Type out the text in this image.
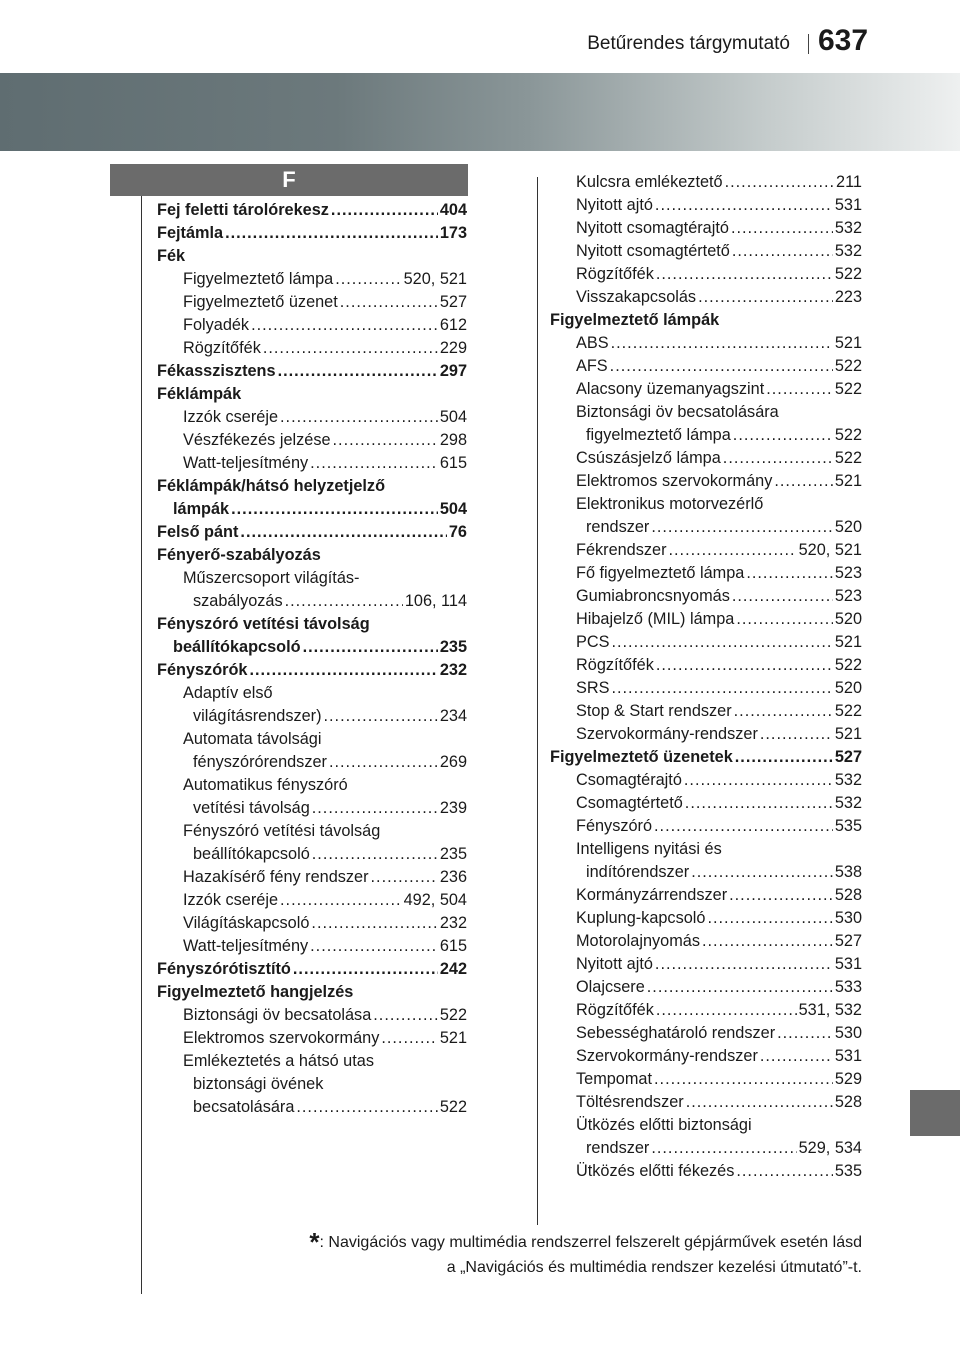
Betűrendes tárgymutató 637
F
Fej feletti tárolórekesz .....	404
Fejtámla .....	173
Fék
Figyelmeztető lámpa .....	520, 521
Figyelmeztető üzenet .....	527
Folyadék .....	612
Rögzítőfék .....	229
Fékasszisztens .....	297
Féklámpák
Izzók cseréje .....	504
Vészfékezés jelzése .....	298
Watt-teljesítmény .....	615
Féklámpák/hátsó helyzetjelző
lámpák .....	504
Felső pánt .....	76
Fényerő-szabályozás
Műszercsoport világítás-
szabályozás .....	106, 114
Fényszóró vetítési távolság
beállítókapcsoló .....	235
Fényszórók .....	232
Adaptív első
világításrendszer) .....	234
Automata távolsági
fényszórórendszer .....	269
Automatikus fényszóró
vetítési távolság .....	239
Fényszóró vetítési távolság
beállítókapcsoló .....	235
Hazakísérő fény rendszer .....	236
Izzók cseréje .....	492, 504
Világításkapcsoló .....	232
Watt-teljesítmény .....	615
Fényszórótisztító .....	242
Figyelmeztető hangjelzés
Biztonsági öv becsatolása .....	522
Elektromos szervokormány .....	521
Emlékeztetés a hátsó utas
biztonsági övének
becsatolására .....	522
Kulcsra emlékeztető .....	211
Nyitott ajtó .....	531
Nyitott csomagtérajtó .....	532
Nyitott csomagtértető .....	532
Rögzítőfék .....	522
Visszakapcsolás .....	223
Figyelmeztető lámpák
ABS .....	521
AFS .....	522
Alacsony üzemanyagszint .....	522
Biztonsági öv becsatolására
figyelmeztető lámpa .....	522
Csúszásjelző lámpa .....	522
Elektromos szervokormány .....	521
Elektronikus motorvezérlő
rendszer .....	520
Fékrendszer .....	520, 521
Fő figyelmeztető lámpa .....	523
Gumiabroncsnyomás .....	523
Hibajelző (MIL) lámpa .....	520
PCS .....	521
Rögzítőfék .....	522
SRS .....	520
Stop & Start rendszer .....	522
Szervokormány-rendszer .....	521
Figyelmeztető üzenetek .....	527
Csomagtérajtó .....	532
Csomagtértető .....	532
Fényszóró .....	535
Intelligens nyitási és
indítórendszer .....	538
Kormányzárrendszer .....	528
Kuplung-kapcsoló .....	530
Motorolajnyomás .....	527
Nyitott ajtó .....	531
Olajcsere .....	533
Rögzítőfék .....	531, 532
Sebességhatároló rendszer .....	530
Szervokormány-rendszer .....	531
Tempomat .....	529
Töltésrendszer .....	528
Ütközés előtti biztonsági
rendszer .....	529, 534
Ütközés előtti fékezés .....	535
*: Navigációs vagy multimédia rendszerrel felszerelt gépjárművek esetén lásd
a „Navigációs és multimédia rendszer kezelési útmutató”-t.
